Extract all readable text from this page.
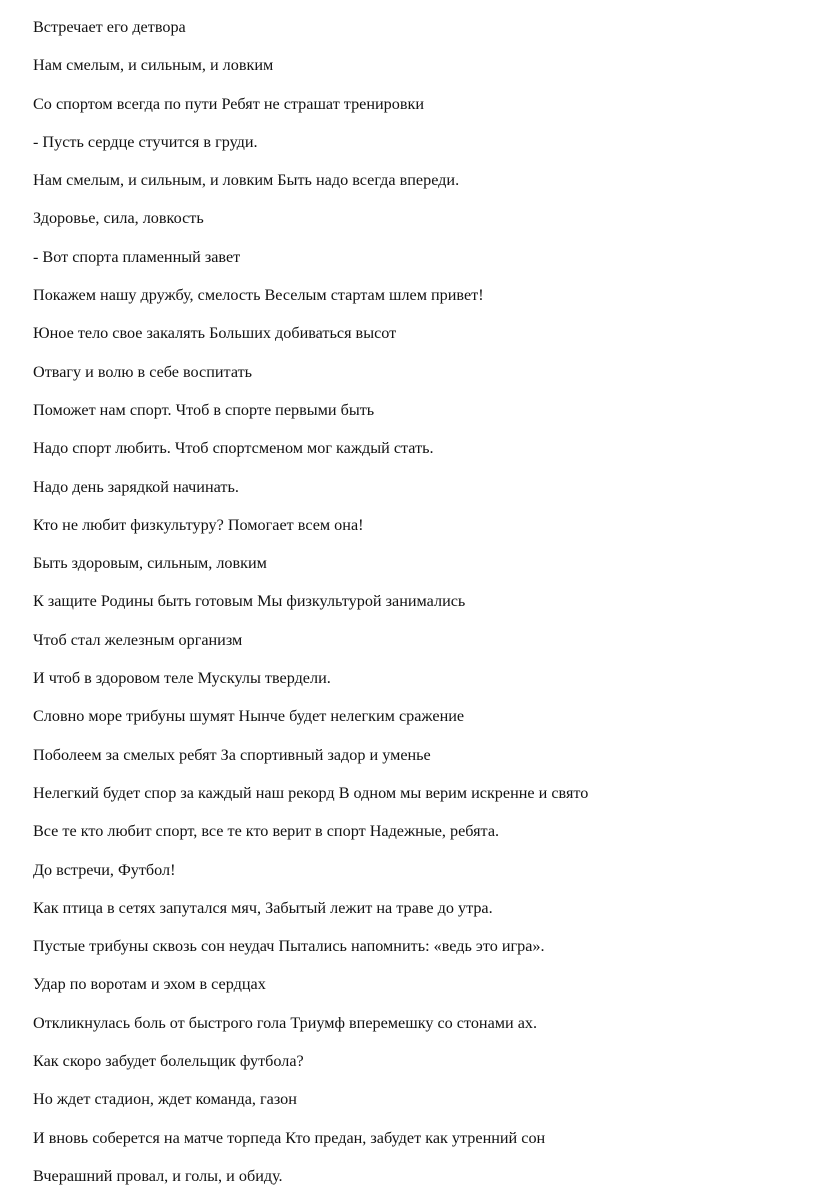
Встречает его детвора
Нам смелым, и сильным, и ловким
Со спортом всегда по пути Ребят не страшат тренировки
- Пусть сердце стучится в груди.
Нам смелым, и сильным, и ловким Быть надо всегда впереди.
Здоровье, сила, ловкость
- Вот спорта пламенный завет
Покажем нашу дружбу, смелость Веселым стартам шлем привет!
Юное тело свое закалять Больших добиваться высот
Отвагу и волю в себе воспитать
Поможет нам спорт. Чтоб в спорте первыми быть
Надо спорт любить. Чтоб спортсменом мог каждый стать.
Надо день зарядкой начинать.
Кто не любит физкультуру? Помогает всем она!
Быть здоровым, сильным, ловким
К защите Родины быть готовым Мы физкультурой занимались
Чтоб стал железным организм
И чтоб в здоровом теле Мускулы твердели.
Словно море трибуны шумят Нынче будет нелегким сражение
Поболеем за смелых ребят За спортивный задор и уменье
Нелегкий будет спор за каждый наш рекорд В одном мы верим искренне и свято
Все те кто любит спорт, все те кто верит в спорт Надежные, ребята.
До встречи, Футбол!
Как птица в сетях запутался мяч, Забытый лежит на траве до утра.
Пустые трибуны сквозь сон неудач Пытались напомнить: «ведь это игра».
Удар по воротам и эхом в сердцах
Откликнулась боль от быстрого гола Триумф вперемешку со стонами ах.
Как скоро забудет болельщик футбола?
Но ждет стадион, ждет команда, газон
И вновь соберется на матче торпеда Кто предан, забудет как утренний сон
Вчерашний провал, и голы, и обиду.
